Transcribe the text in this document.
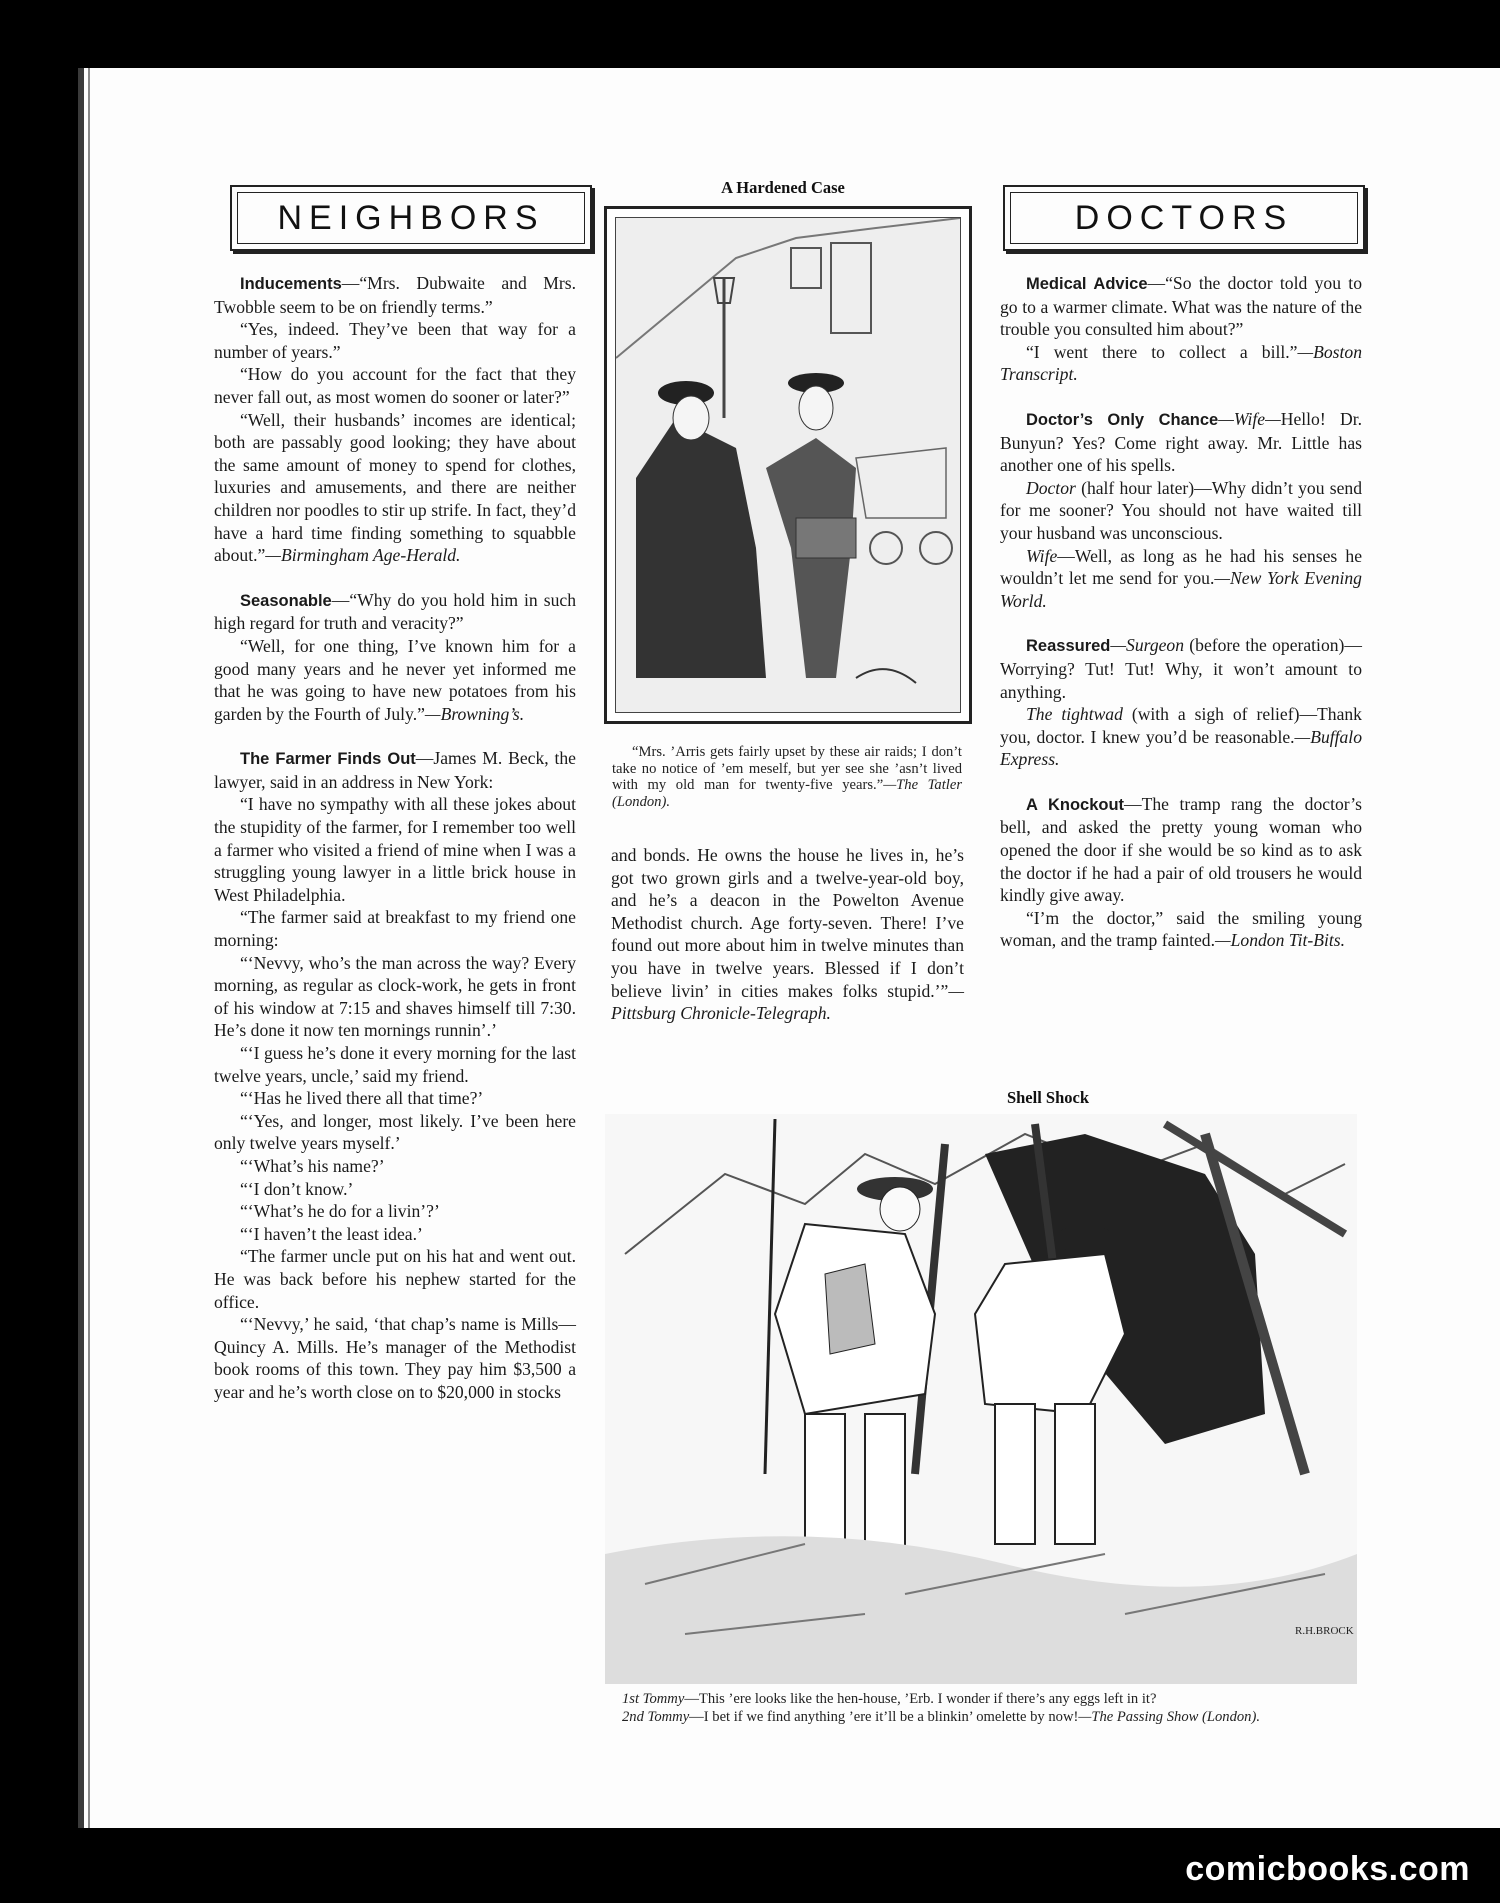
NEIGHBORS	DOCTORS

Inducements—“Mrs. Dubwaite and Mrs. Twobble seem to be on friendly terms.”

“Yes, indeed. They’ve been that way for a number of years.”

“How do you account for the fact that they never fall out, as most women do sooner or later?”

“Well, their husbands’ incomes are identical; both are passably good looking; they have about the same amount of money to spend for clothes, luxuries and amusements, and there are neither children nor poodles to stir up strife. In fact, they’d have a hard time finding something to squabble about.”—Birmingham Age-Herald.

Seasonable—“Why do you hold him in such high regard for truth and veracity?”

“Well, for one thing, I’ve known him for a good many years and he never yet informed me that he was going to have new potatoes from his garden by the Fourth of July.”—Browning’s.

The Farmer Finds Out—James M. Beck, the lawyer, said in an address in New York:

“I have no sympathy with all these jokes about the stupidity of the farmer, for I remember too well a farmer who visited a friend of mine when I was a struggling young lawyer in a little brick house in West Philadelphia.

“The farmer said at breakfast to my friend one morning:

“‘Nevvy, who’s the man across the way? Every morning, as regular as clock-work, he gets in front of his window at 7:15 and shaves himself till 7:30. He’s done it now ten mornings runnin’.’

“‘I guess he’s done it every morning for the last twelve years, uncle,’ said my friend.

“‘Has he lived there all that time?’

“‘Yes, and longer, most likely. I’ve been here only twelve years myself.’

“‘What’s his name?’

“‘I don’t know.’

“‘What’s he do for a livin’?’

“‘I haven’t the least idea.’

“The farmer uncle put on his hat and went out. He was back before his nephew started for the office.

“‘Nevvy,’ he said, ‘that chap’s name is Mills—Quincy A. Mills. He’s manager of the Methodist book rooms of this town. They pay him $3,500 a year and he’s worth close on to $20,000 in stocks

A Hardened Case

“Mrs. ’Arris gets fairly upset by these air raids; I don’t take no notice of ’em meself, but yer see she ’asn’t lived with my old man for twenty-five years.”—The Tatler (London).

and bonds. He owns the house he lives in, he’s got two grown girls and a twelve-year-old boy, and he’s a deacon in the Powelton Avenue Methodist church. Age forty-seven. There! I’ve found out more about him in twelve minutes than you have in twelve years. Blessed if I don’t believe livin’ in cities makes folks stupid.’”— Pittsburg Chronicle-Telegraph.

Medical Advice—“So the doctor told you to go to a warmer climate. What was the nature of the trouble you consulted him about?”

“I went there to collect a bill.”—Boston Transcript.

Doctor’s Only Chance—Wife—Hello! Dr. Bunyun? Yes? Come right away. Mr. Little has another one of his spells.

Doctor (half hour later)—Why didn’t you send for me sooner? You should not have waited till your husband was unconscious.

Wife—Well, as long as he had his senses he wouldn’t let me send for you.—New York Evening World.

Reassured—Surgeon (before the operation)—Worrying? Tut! Tut! Why, it won’t amount to anything.

The tightwad (with a sigh of relief)—Thank you, doctor. I knew you’d be reasonable.—Buffalo Express.

A Knockout—The tramp rang the doctor’s bell, and asked the pretty young woman who opened the door if she would be so kind as to ask the doctor if he had a pair of old trousers he would kindly give away.

“I’m the doctor,” said the smiling young woman, and the tramp fainted.—London Tit-Bits.

Shell Shock
R.H.BROCK

1st Tommy—This ’ere looks like the hen-house, ’Erb. I wonder if there’s any eggs left in it?

2nd Tommy—I bet if we find anything ’ere it’ll be a blinkin’ omelette by now!—The Passing Show (London).

comicbooks.com
